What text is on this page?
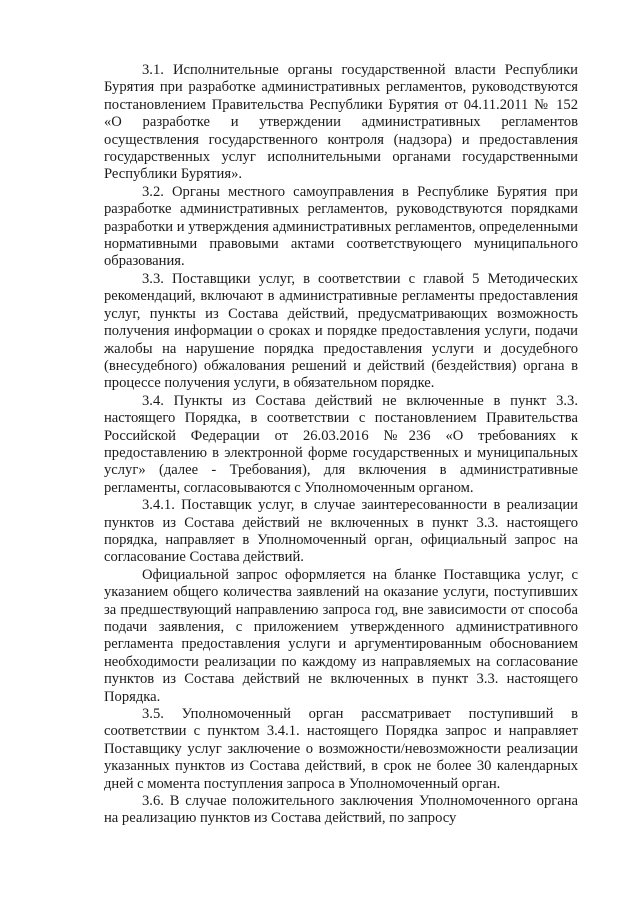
3.1. Исполнительные органы государственной власти Республики Бурятия при разработке административных регламентов, руководствуются постановлением Правительства Республики Бурятия от 04.11.2011 № 152 «О разработке и утверждении административных регламентов осуществления государственного контроля (надзора) и предоставления государственных услуг исполнительными органами государственными Республики Бурятия».

3.2. Органы местного самоуправления в Республике Бурятия при разработке административных регламентов, руководствуются порядками разработки и утверждения административных регламентов, определенными нормативными правовыми актами соответствующего муниципального образования.

3.3. Поставщики услуг, в соответствии с главой 5 Методических рекомендаций, включают в административные регламенты предоставления услуг, пункты из Состава действий, предусматривающих возможность получения информации о сроках и порядке предоставления услуги, подачи жалобы на нарушение порядка предоставления услуги и досудебного (внесудебного) обжалования решений и действий (бездействия) органа в процессе получения услуги, в обязательном порядке.

3.4. Пункты из Состава действий не включенные в пункт 3.3. настоящего Порядка, в соответствии с постановлением Правительства Российской Федерации от 26.03.2016 №236 «О требованиях к предоставлению в электронной форме государственных и муниципальных услуг» (далее - Требования), для включения в административные регламенты, согласовываются с Уполномоченным органом.

3.4.1. Поставщик услуг, в случае заинтересованности в реализации пунктов из Состава действий не включенных в пункт 3.3. настоящего порядка, направляет в Уполномоченный орган, официальный запрос на согласование Состава действий.

Официальной запрос оформляется на бланке Поставщика услуг, с указанием общего количества заявлений на оказание услуги, поступивших за предшествующий направлению запроса год, вне зависимости от способа подачи заявления, с приложением утвержденного административного регламента предоставления услуги и аргументированным обоснованием необходимости реализации по каждому из направляемых на согласование пунктов из Состава действий не включенных в пункт 3.3. настоящего Порядка.

3.5. Уполномоченный орган рассматривает поступивший в соответствии с пунктом 3.4.1. настоящего Порядка запрос и направляет Поставщику услуг заключение о возможности/невозможности реализации указанных пунктов из Состава действий, в срок не более 30 календарных дней с момента поступления запроса в Уполномоченный орган.

3.6. В случае положительного заключения Уполномоченного органа на реализацию пунктов из Состава действий, по запросу
